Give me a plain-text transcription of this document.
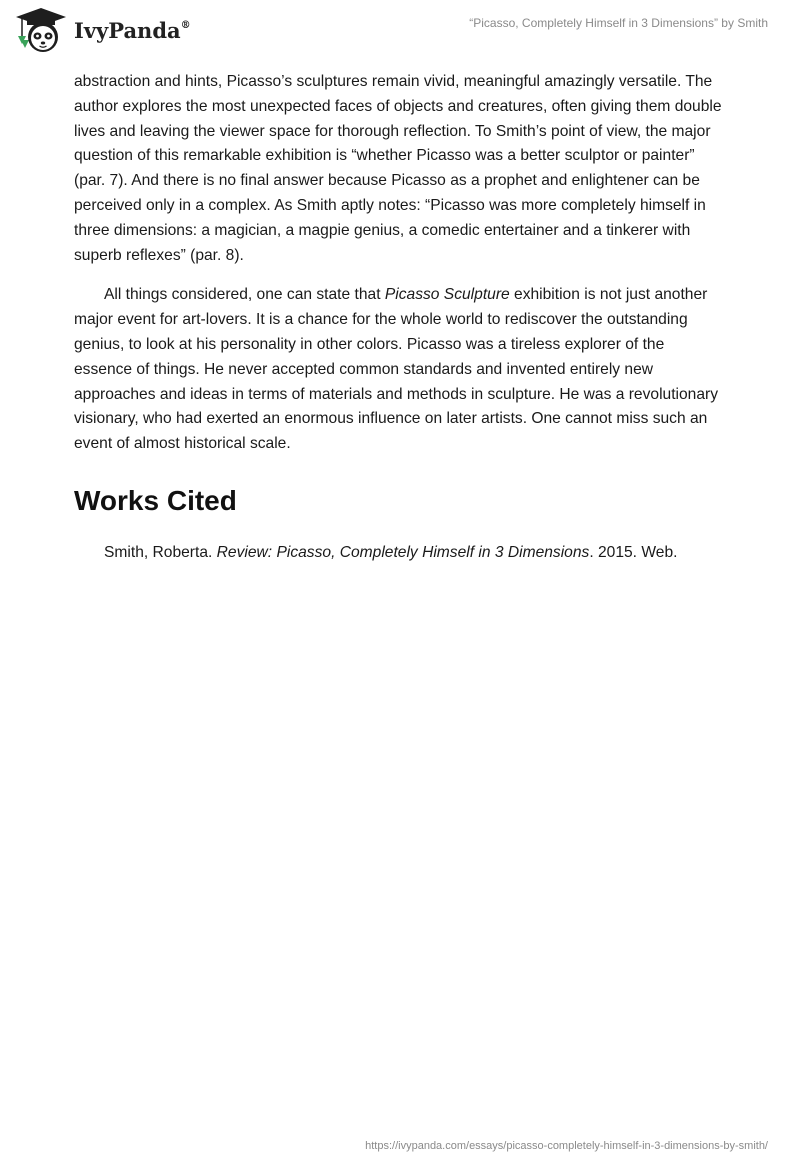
IvyPanda®	“Picasso, Completely Himself in 3 Dimensions” by Smith

abstraction and hints, Picasso’s sculptures remain vivid, meaningful amazingly versatile. The author explores the most unexpected faces of objects and creatures, often giving them double lives and leaving the viewer space for thorough reflection. To Smith’s point of view, the major question of this remarkable exhibition is “whether Picasso was a better sculptor or painter” (par. 7). And there is no final answer because Picasso as a prophet and enlightener can be perceived only in a complex. As Smith aptly notes: “Picasso was more completely himself in three dimensions: a magician, a magpie genius, a comedic entertainer and a tinkerer with superb reflexes” (par. 8).

All things considered, one can state that Picasso Sculpture exhibition is not just another major event for art-lovers. It is a chance for the whole world to rediscover the outstanding genius, to look at his personality in other colors. Picasso was a tireless explorer of the essence of things. He never accepted common standards and invented entirely new approaches and ideas in terms of materials and methods in sculpture. He was a revolutionary visionary, who had exerted an enormous influence on later artists. One cannot miss such an event of almost historical scale.

Works Cited

Smith, Roberta. Review: Picasso, Completely Himself in 3 Dimensions. 2015. Web.

https://ivypanda.com/essays/picasso-completely-himself-in-3-dimensions-by-smith/
